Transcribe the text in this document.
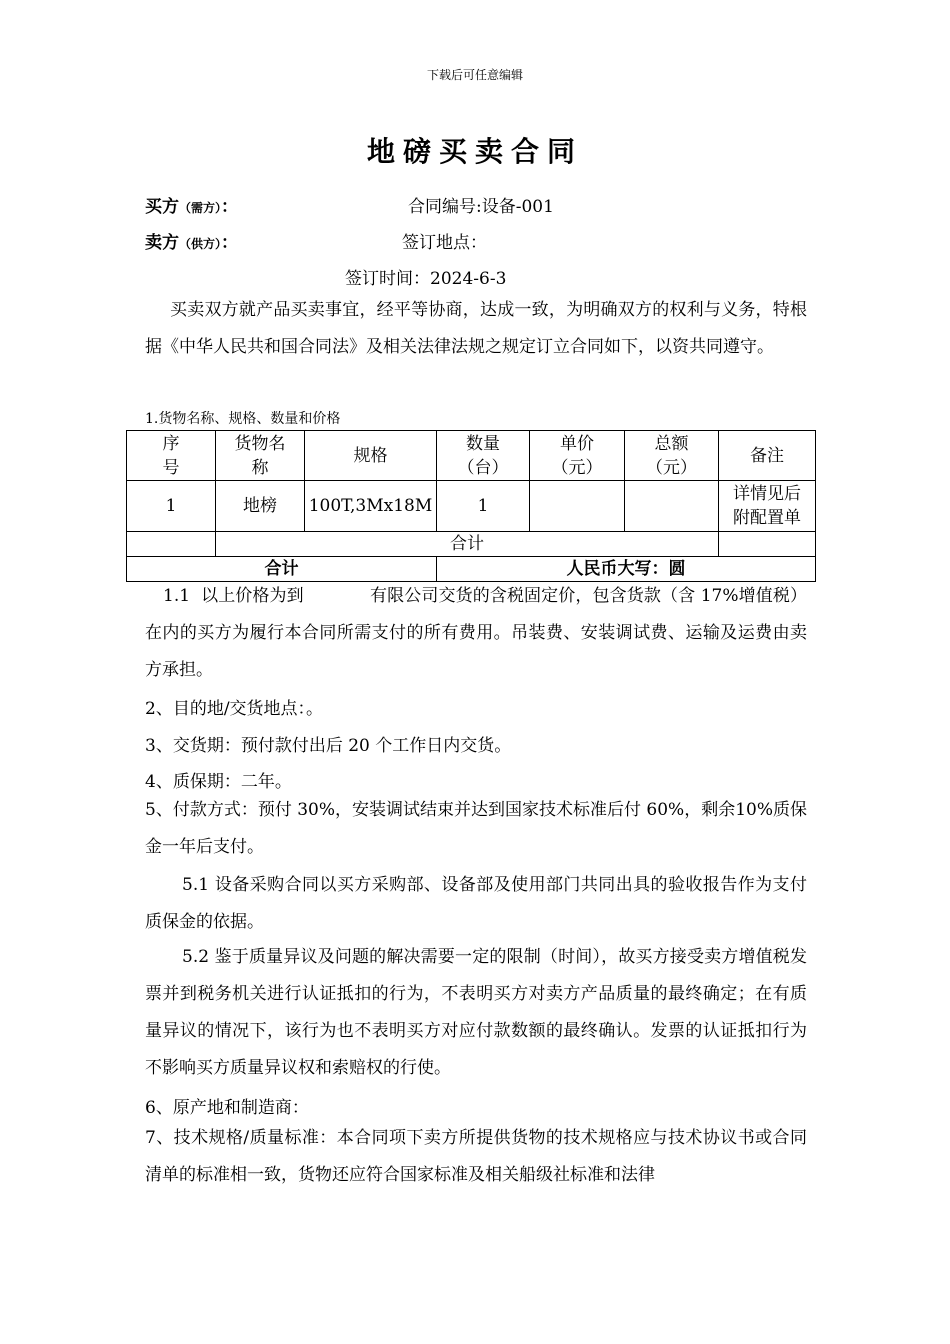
下载后可任意编辑
地磅买卖合同
买方（需方）：	合同编号:设备-001
卖方（供方）：	签订地点：
签订时间：2024-6-3
买卖双方就产品买卖事宜，经平等协商，达成一致，为明确双方的权利与义务，特根据《中华人民共和国合同法》及相关法律法规之规定订立合同如下，以资共同遵守。
1.货物名称、规格、数量和价格
序号	货物名称	规格	数量（台）	单价（元）	总额（元）	备注
1	地榜	100T,3Mx18M	1			详情见后附配置单
	合计					
合计			人民币大写：圆			
1.1  以上价格为到            有限公司交货的含税固定价，包含货款（含 17%增值税）在内的买方为履行本合同所需支付的所有费用。吊装费、安装调试费、运输及运费由卖方承担。
2、目的地/交货地点：。
3、交货期：预付款付出后 20 个工作日内交货。
4、质保期：二年。
5、付款方式：预付 30%，安装调试结束并达到国家技术标准后付 60%，剩余10%质保金一年后支付。
5.1 设备采购合同以买方采购部、设备部及使用部门共同出具的验收报告作为支付质保金的依据。
5.2 鉴于质量异议及问题的解决需要一定的限制（时间），故买方接受卖方增值税发票并到税务机关进行认证抵扣的行为，不表明买方对卖方产品质量的最终确定；在有质量异议的情况下，该行为也不表明买方对应付款数额的最终确认。发票的认证抵扣行为不影响买方质量异议权和索赔权的行使。
6、原产地和制造商：
7、技术规格/质量标准：本合同项下卖方所提供货物的技术规格应与技术协议书或合同清单的标准相一致，货物还应符合国家标准及相关船级社标准和法律
